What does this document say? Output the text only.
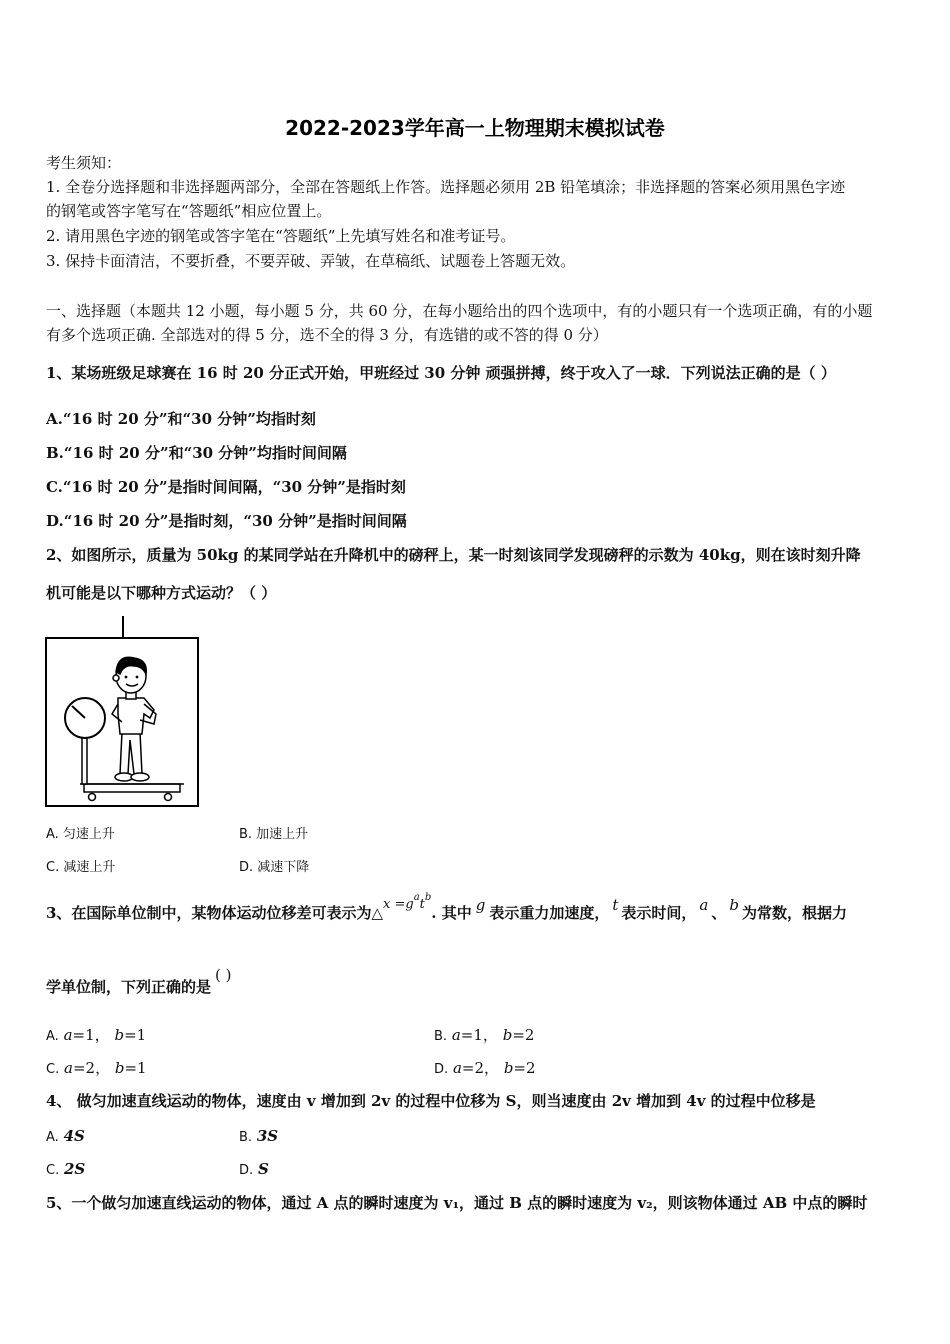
2022-2023学年高一上物理期末模拟试卷
考生须知：
1. 全卷分选择题和非选择题两部分，全部在答题纸上作答。选择题必须用 2B 铅笔填涂；非选择题的答案必须用黑色字迹
的钢笔或答字笔写在“答题纸”相应位置上。
2. 请用黑色字迹的钢笔或答字笔在“答题纸”上先填写姓名和准考证号。
3. 保持卡面清洁，不要折叠，不要弄破、弄皱，在草稿纸、试题卷上答题无效。
一、选择题（本题共 12 小题，每小题 5 分，共 60 分，在每小题给出的四个选项中，有的小题只有一个选项正确，有的小题
有多个选项正确. 全部选对的得 5 分，选不全的得 3 分，有选错的或不答的得 0 分）
1、某场班级足球赛在 16 时 20 分正式开始，甲班经过 30 分钟 顽强拼搏，终于攻入了一球．下列说法正确的是（ ）
A.“16 时 20 分”和“30 分钟”均指时刻
B.“16 时 20 分”和“30 分钟”均指时间间隔
C.“16 时 20 分”是指时间间隔，“30 分钟”是指时刻
D.“16 时 20 分”是指时刻，“30 分钟”是指时间间隔
2、如图所示，质量为 50kg 的某同学站在升降机中的磅秤上，某一时刻该同学发现磅秤的示数为 40kg，则在该时刻升降
机可能是以下哪种方式运动？（ ）
A. 匀速上升	B. 加速上升
C. 减速上升	D. 减速下降
3、在国际单位制中，某物体运动位移差可表示为△x $=g^at^b$. 其中 g 表示重力加速度， t 表示时间， a 、 b 为常数，根据力
学单位制，下列正确的是( )
A. a=1， b=1	B. a=1， b=2
C. a=2， b=1	D. a=2， b=2
4、 做匀加速直线运动的物体，速度由 v 增加到 2v 的过程中位移为 S，则当速度由 2v 增加到 4v 的过程中位移是
A. 4S	B. 3S
C. 2S	D. S
5、一个做匀加速直线运动的物体，通过 A 点的瞬时速度为 v₁，通过 B 点的瞬时速度为 v₂，则该物体通过 AB 中点的瞬时
